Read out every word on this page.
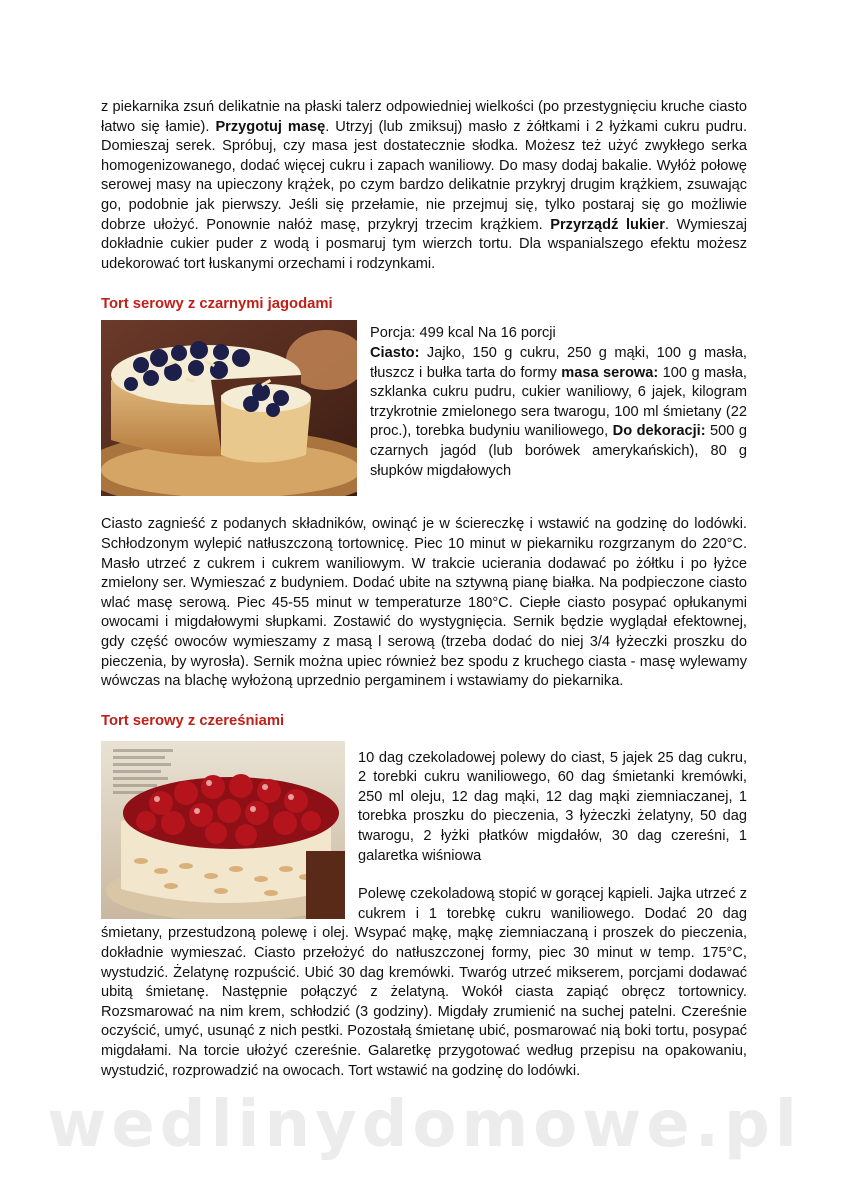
z piekarnika zsuń delikatnie na płaski talerz odpowiedniej wielkości (po przestygnięciu kruche ciasto łatwo się łamie). Przygotuj masę. Utrzyj (lub zmiksuj) masło z żółtkami i 2 łyżkami cukru pudru. Domieszaj serek. Spróbuj, czy masa jest dostatecznie słodka. Możesz też użyć zwykłego serka homogenizowanego, dodać więcej cukru i zapach waniliowy. Do masy dodaj bakalie. Wyłóż połowę serowej masy na upieczony krążek, po czym bardzo delikatnie przykryj drugim krążkiem, zsuwając go, podobnie jak pierwszy. Jeśli się przełamie, nie przejmuj się, tylko postaraj się go możliwie dobrze ułożyć. Ponownie nałóż masę, przykryj trzecim krążkiem. Przyrządź lukier. Wymieszaj dokładnie cukier puder z wodą i posmaruj tym wierzch tortu. Dla wspanialszego efektu możesz udekorować tort łuskanymi orzechami i rodzynkami.

Tort serowy z czarnymi jagodami

Porcja: 499 kcal Na 16 porcji

Ciasto: Jajko, 150 g cukru, 250 g mąki, 100 g masła, tłuszcz i bułka tarta do formy masa serowa: 100 g masła, szklanka cukru pudru, cukier waniliowy, 6 jajek, kilogram trzykrotnie zmielonego sera twarogu, 100 ml śmietany (22 proc.), torebka budyniu waniliowego, Do dekoracji: 500 g czarnych jagód (lub borówek amerykańskich), 80 g słupków migdałowych

Ciasto zagnieść z podanych składników, owinąć je w ściereczkę i wstawić na godzinę do lodówki. Schłodzonym wylepić natłuszczoną tortownicę. Piec 10 minut w piekarniku rozgrzanym do 220°C. Masło utrzeć z cukrem i cukrem waniliowym. W trakcie ucierania dodawać po żółtku i po łyżce zmielony ser. Wymieszać z budyniem. Dodać ubite na sztywną pianę białka. Na podpieczone ciasto wlać masę serową. Piec 45-55 minut w temperaturze 180°C. Ciepłe ciasto posypać opłukanymi owocami i migdałowymi słupkami. Zostawić do wystygnięcia. Sernik będzie wyglądał efektownej, gdy część owoców wymieszamy z masą l serową (trzeba dodać do niej 3/4 łyżeczki proszku do pieczenia, by wyrosła). Sernik można upiec również bez spodu z kruchego ciasta - masę wylewamy wówczas na blachę wyłożoną uprzednio pergaminem i wstawiamy do piekarnika.

Tort serowy z czereśniami

10 dag czekoladowej polewy do ciast, 5 jajek 25 dag cukru, 2 torebki cukru waniliowego, 60 dag śmietanki kremówki, 250 ml oleju, 12 dag mąki, 12 dag mąki ziemniaczanej, 1 torebka proszku do pieczenia, 3 łyżeczki żelatyny, 50 dag twarogu, 2 łyżki płatków migdałów, 30 dag czereśni, 1 galaretka wiśniowa

Polewę czekoladową stopić w gorącej kąpieli. Jajka utrzeć z cukrem i 1 torebkę cukru waniliowego. Dodać 20 dag śmietany, przestudzoną polewę i olej. Wsypać mąkę, mąkę ziemniaczaną i proszek do pieczenia, dokładnie wymieszać. Ciasto przełożyć do natłuszczonej formy, piec 30 minut w temp. 175°C, wystudzić. Żelatynę rozpuścić. Ubić 30 dag kremówki. Twaróg utrzeć mikserem, porcjami dodawać ubitą śmietanę. Następnie połączyć z żelatyną. Wokół ciasta zapiąć obręcz tortownicy. Rozsmarować na nim krem, schłodzić (3 godziny). Migdały zrumienić na suchej patelni. Czereśnie oczyścić, umyć, usunąć z nich pestki. Pozostałą śmietanę ubić, posmarować nią boki tortu, posypać migdałami. Na torcie ułożyć czereśnie. Galaretkę przygotować według przepisu na opakowaniu, wystudzić, rozprowadzić na owocach. Tort wstawić na godzinę do lodówki.

wedlinydomowe.pl
